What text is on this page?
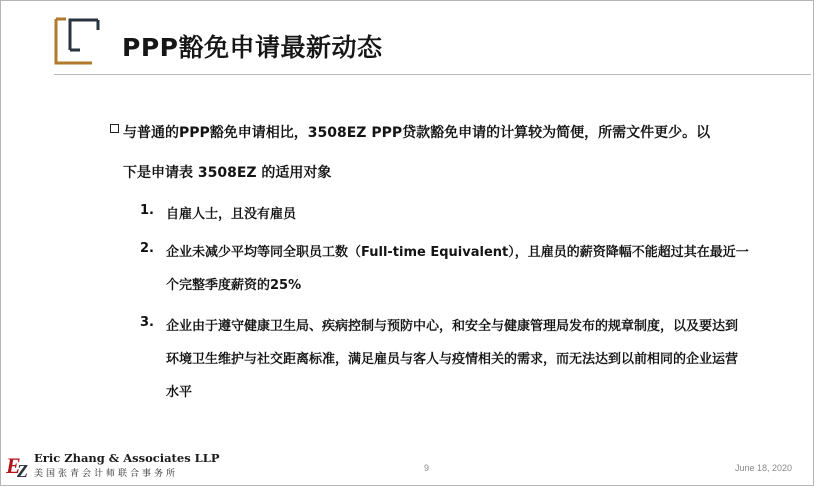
PPP豁免申请最新动态
与普通的PPP豁免申请相比，3508EZ PPP贷款豁免申请的计算较为简便，所需文件更少。以
下是申请表 3508EZ 的适用对象
1. 自雇人士，且没有雇员
2. 企业未减少平均等同全职员工数（Full-time Equivalent），且雇员的薪资降幅不能超过其在最近一
个完整季度薪资的25%
3. 企业由于遵守健康卫生局、疾病控制与预防中心，和安全与健康管理局发布的规章制度，以及要达到
环境卫生维护与社交距离标准，满足雇员与客人与疫情相关的需求，而无法达到以前相同的企业运营
水平
E
Z
Eric Zhang & Associates LLP
美国张青会计师联合事务所
9	June 18, 2020
